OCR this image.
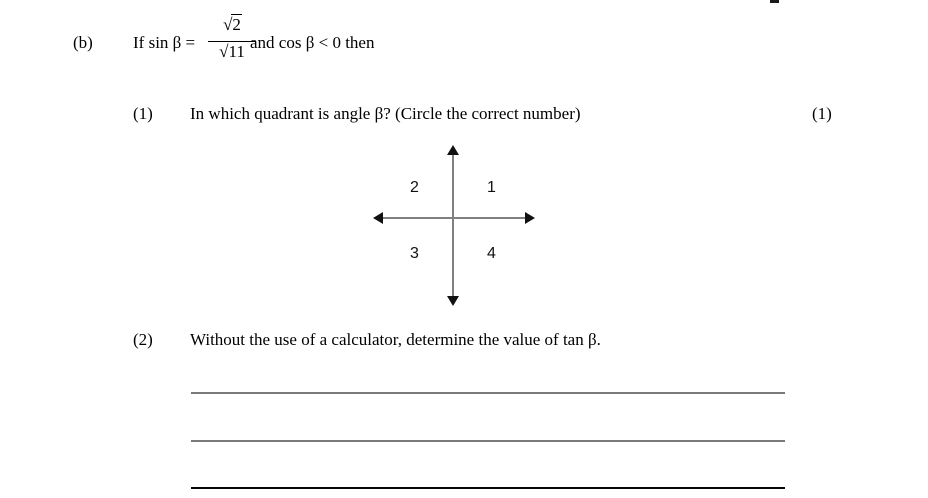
(b) If sin β =
√2
√11 and cos β < 0 then
(1) In which quadrant is angle β? (Circle the correct number)	(1)
1
2
3	4
(2) Without the use of a calculator, determine the value of tan β.
